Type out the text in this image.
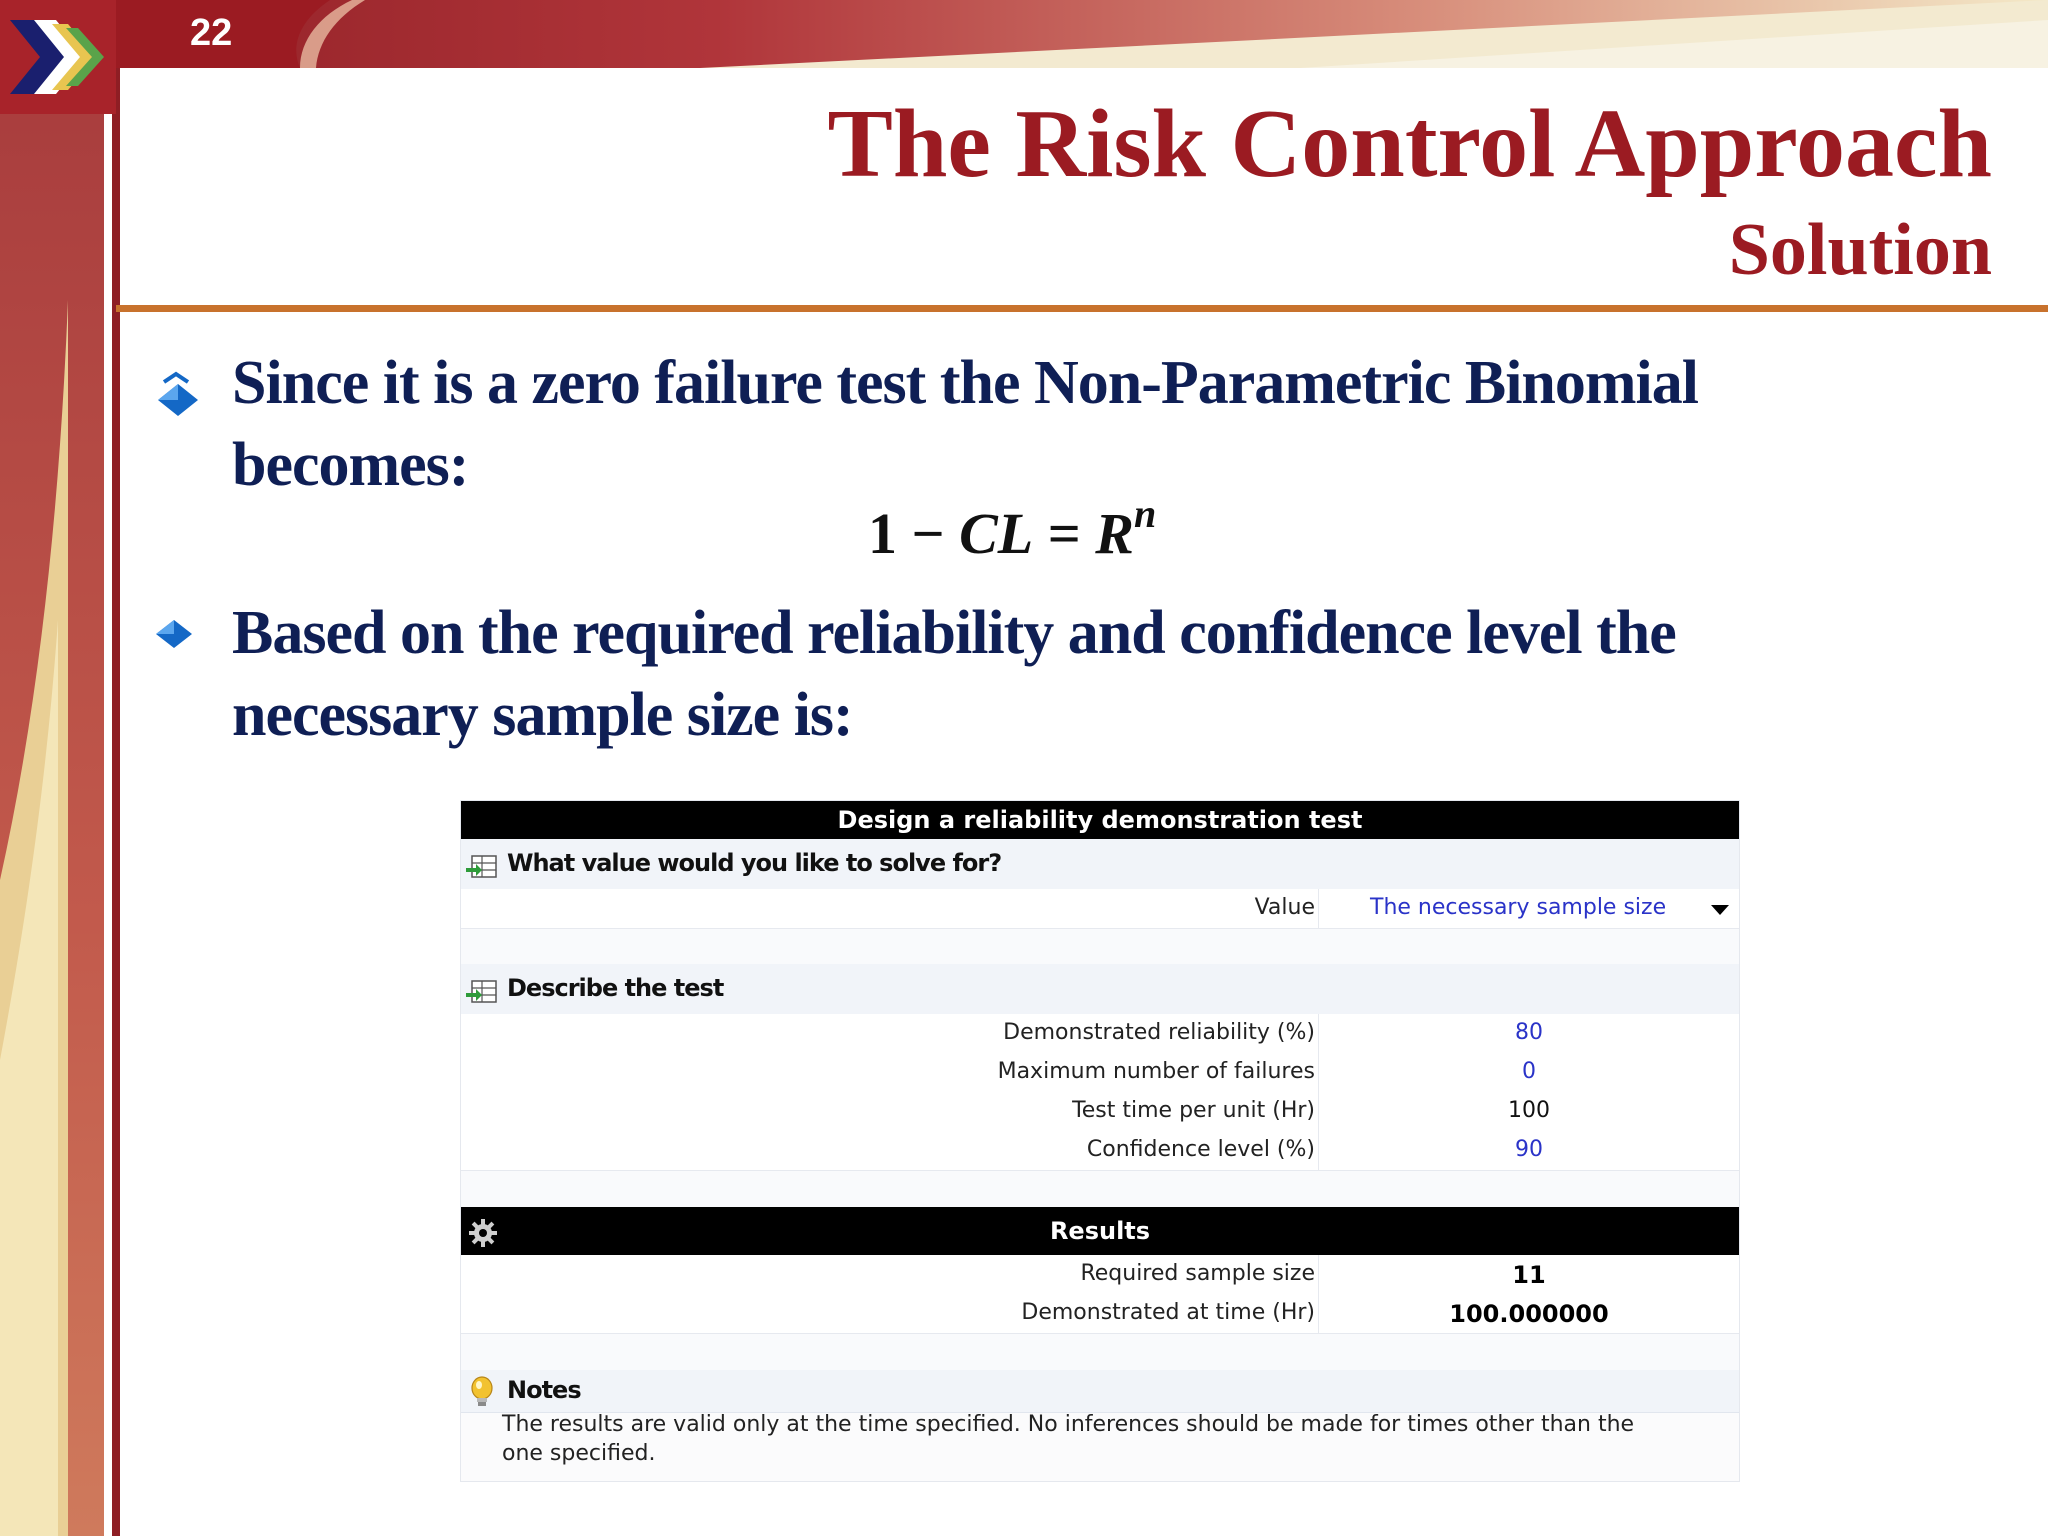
22
The Risk Control Approach
Solution
Since it is a zero failure test the Non-Parametric Binomial becomes:
1 − CL = $R^n$
Based on the required reliability and confidence level the necessary sample size is:
Design a reliability demonstration test
What value would you like to solve for?
Value	The necessary sample size
Describe the test
Demonstrated reliability (%)	80
Maximum number of failures	0
Test time per unit (Hr)	100
Confidence level (%)	90
Results
Required sample size	11
Demonstrated at time (Hr)	100.000000
Notes
The results are valid only at the time specified. No inferences should be made for times other than the one specified.
